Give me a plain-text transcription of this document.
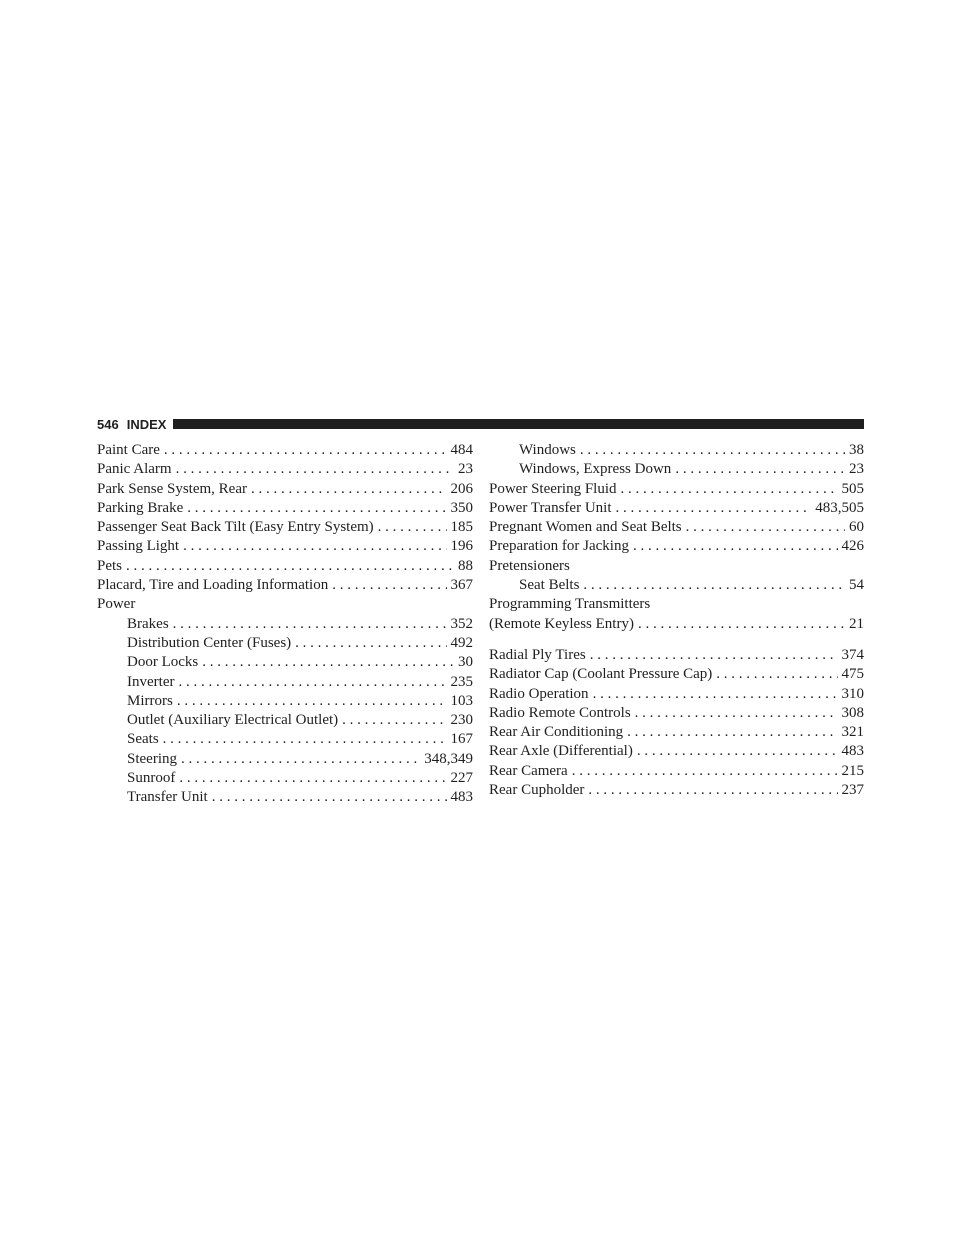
546 INDEX
Paint Care . . .	484
Panic Alarm . . .	23
Park Sense System, Rear . . .	206
Parking Brake . . .	350
Passenger Seat Back Tilt (Easy Entry System) . . .	185
Passing Light . . .	196
Pets . . .	88
Placard, Tire and Loading Information . . .	367
Power
Brakes . . .	352
Distribution Center (Fuses) . . .	492
Door Locks . . .	30
Inverter . . .	235
Mirrors . . .	103
Outlet (Auxiliary Electrical Outlet) . . .	230
Seats . . .	167
Steering . . .	348,349
Sunroof . . .	227
Transfer Unit . . .	483
Windows . . .	38
Windows, Express Down . . .	23
Power Steering Fluid . . .	505
Power Transfer Unit . . .	483,505
Pregnant Women and Seat Belts . . .	60
Preparation for Jacking . . .	426
Pretensioners
Seat Belts . . .	54
Programming Transmitters
(Remote Keyless Entry) . . .	21
Radial Ply Tires . . .	374
Radiator Cap (Coolant Pressure Cap) . . .	475
Radio Operation . . .	310
Radio Remote Controls . . .	308
Rear Air Conditioning . . .	321
Rear Axle (Differential) . . .	483
Rear Camera . . .	215
Rear Cupholder . . .	237
